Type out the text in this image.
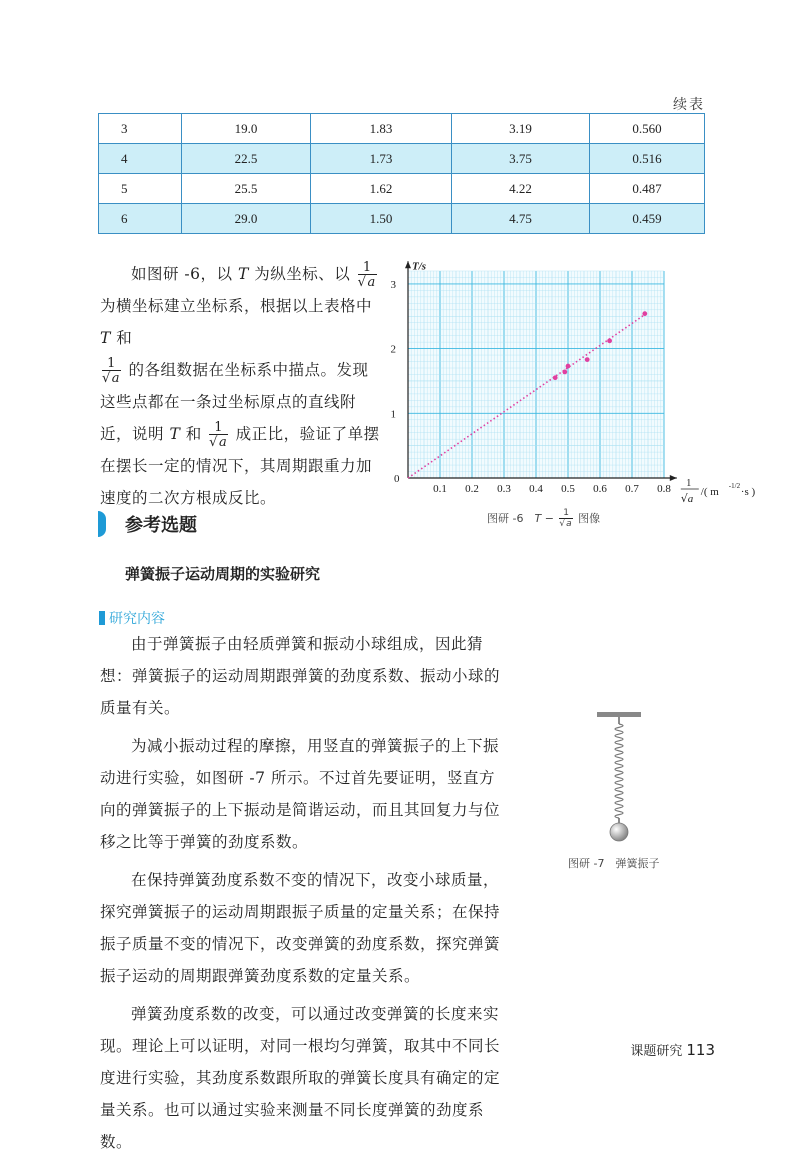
续表
3	19.0	1.83	3.19	0.560
4	22.5	1.73	3.75	0.516
5	25.5	1.62	4.22	0.487
6	29.0	1.50	4.75	0.459
如图研 -6，以 T 为纵坐标、以 $\frac{1}{√a}$

为横坐标建立坐标系，根据以上表格中 T 和

$\frac{1}{√a}$ 的各组数据在坐标系中描点。发现这些点都在一条过坐标原点的直线附近，说明 T 和 $\frac{1}{√a}$ 成正比，验证了单摆在摆长一定的情况下，其周期跟重力加速度的二次方根成反比。	0.1 0.2 0.3 0.4 0.5 0.6 0.7 0.8
1
2
3
0
T/s
1
√ a
/( m -1/2 ·s )
图研 -6　$T - \frac{1}{√a}$ 图像
参考选题
弹簧振子运动周期的实验研究
研究内容

由于弹簧振子由轻质弹簧和振动小球组成，因此猜想：弹簧振子的运动周期跟弹簧的劲度系数、振动小球的质量有关。

为减小振动过程的摩擦，用竖直的弹簧振子的上下振动进行实验，如图研 -7 所示。不过首先要证明，竖直方向的弹簧振子的上下振动是简谐运动，而且其回复力与位移之比等于弹簧的劲度系数。

在保持弹簧劲度系数不变的情况下，改变小球质量，探究弹簧振子的运动周期跟振子质量的定量关系；在保持振子质量不变的情况下，改变弹簧的劲度系数，探究弹簧振子运动的周期跟弹簧劲度系数的定量关系。

弹簧劲度系数的改变，可以通过改变弹簧的长度来实现。理论上可以证明，对同一根均匀弹簧，取其中不同长度进行实验，其劲度系数跟所取的弹簧长度具有确定的定量关系。也可以通过实验来测量不同长度弹簧的劲度系数。

图研 -7　弹簧振子
课题研究 113
